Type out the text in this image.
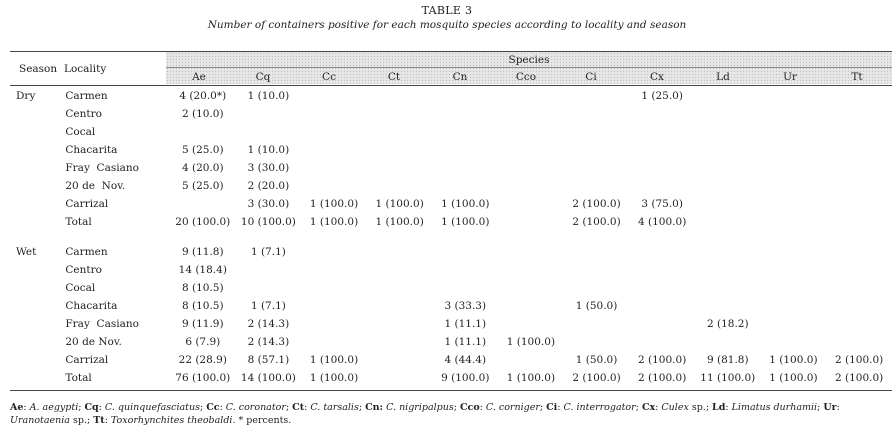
TABLE 3
Number of containers positive for each mosquito species according to locality and season
Season Locality
Species
Ae	Cq	Cc	Ct	Cn	Cco	Ci	Cx	Ld	Ur	Tt
Dry	Carmen	4 (20.0*)	1 (10.0)						1 (25.0)			
	Centro	2 (10.0)										
	Cocal											
	Chacarita	5 (25.0)	1 (10.0)									
	Fray  Casiano	4 (20.0)	3 (30.0)									
	20 de  Nov.	5 (25.0)	2 (20.0)									
	Carrizal		3 (30.0)	1 (100.0)	1 (100.0)	1 (100.0)		2 (100.0)	3 (75.0)			
	Total	20 (100.0)	10 (100.0)	1 (100.0)	1 (100.0)	1 (100.0)		2 (100.0)	4 (100.0)			

Wet	Carmen	9 (11.8)	1 (7.1)									
	Centro	14 (18.4)										
	Cocal	8 (10.5)										
	Chacarita	8 (10.5)	1 (7.1)			3 (33.3)		1 (50.0)				
	Fray  Casiano	9 (11.9)	2 (14.3)			1 (11.1)				2 (18.2)		
	20 de Nov.	6 (7.9)	2 (14.3)			1 (11.1)	1 (100.0)					
	Carrizal	22 (28.9)	8 (57.1)	1 (100.0)		4 (44.4)		1 (50.0)	2 (100.0)	9 (81.8)	1 (100.0)	2 (100.0)
	Total	76 (100.0)	14 (100.0)	1 (100.0)		9 (100.0)	1 (100.0)	2 (100.0)	2 (100.0)	11 (100.0)	1 (100.0)	2 (100.0)
Ae: A. aegypti; Cq: C. quinquefasciatus; Cc: C. coronator; Ct: C. tarsalis; Cn: C. nigripalpus; Cco: C. corniger; Ci: C. interrogator; Cx: Culex sp.; Ld: Limatus durhamii; Ur: Uranotaenia sp.; Tt: Toxorhynchites theobaldi. * percents.
